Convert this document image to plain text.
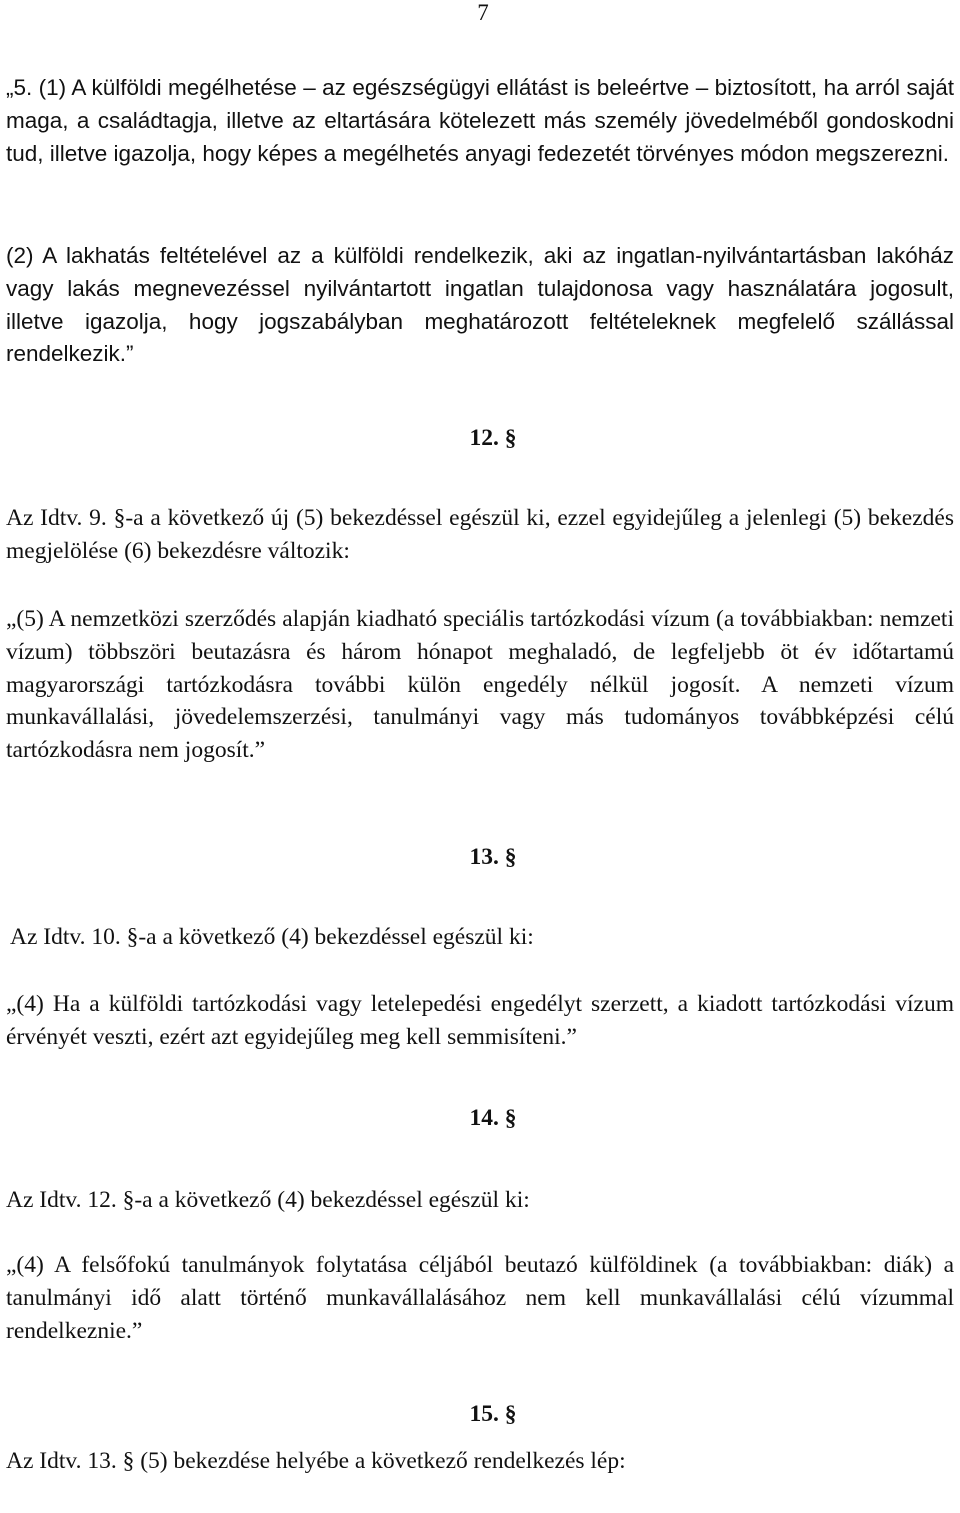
7

„5. (1) A külföldi megélhetése – az egészségügyi ellátást is beleértve – biztosított, ha arról saját maga, a családtagja, illetve az eltartására kötelezett más személy jövedelméből gondoskodni tud, illetve igazolja, hogy képes a megélhetés anyagi fedezetét törvényes módon megszerezni.

(2) A lakhatás feltételével az a külföldi rendelkezik, aki az ingatlan-nyilvántartásban lakóház vagy lakás megnevezéssel nyilvántartott ingatlan tulajdonosa vagy használatára jogosult, illetve igazolja, hogy jogszabályban meghatározott feltételeknek megfelelő szállással rendelkezik.”

12. §

Az Idtv. 9. §-a a következő új (5) bekezdéssel egészül ki, ezzel egyidejűleg a jelenlegi (5) bekezdés megjelölése (6) bekezdésre változik:

„(5) A nemzetközi szerződés alapján kiadható speciális tartózkodási vízum (a továbbiakban: nemzeti vízum) többszöri beutazásra és három hónapot meghaladó, de legfeljebb öt év időtartamú magyarországi tartózkodásra további külön engedély nélkül jogosít. A nemzeti vízum munkavállalási, jövedelemszerzési, tanulmányi vagy más tudományos továbbképzési célú tartózkodásra nem jogosít.”

13. §

Az Idtv. 10. §-a a következő (4) bekezdéssel egészül ki:

„(4) Ha a külföldi tartózkodási vagy letelepedési engedélyt szerzett, a kiadott tartózkodási vízum érvényét veszti, ezért azt egyidejűleg meg kell semmisíteni.”

14. §

Az Idtv. 12. §-a a következő (4) bekezdéssel egészül ki:

„(4) A felsőfokú tanulmányok folytatása céljából beutazó külföldinek (a továbbiakban: diák) a tanulmányi idő alatt történő munkavállalásához nem kell munkavállalási célú vízummal rendelkeznie.”

15. §

Az Idtv. 13. § (5) bekezdése helyébe a következő rendelkezés lép:
